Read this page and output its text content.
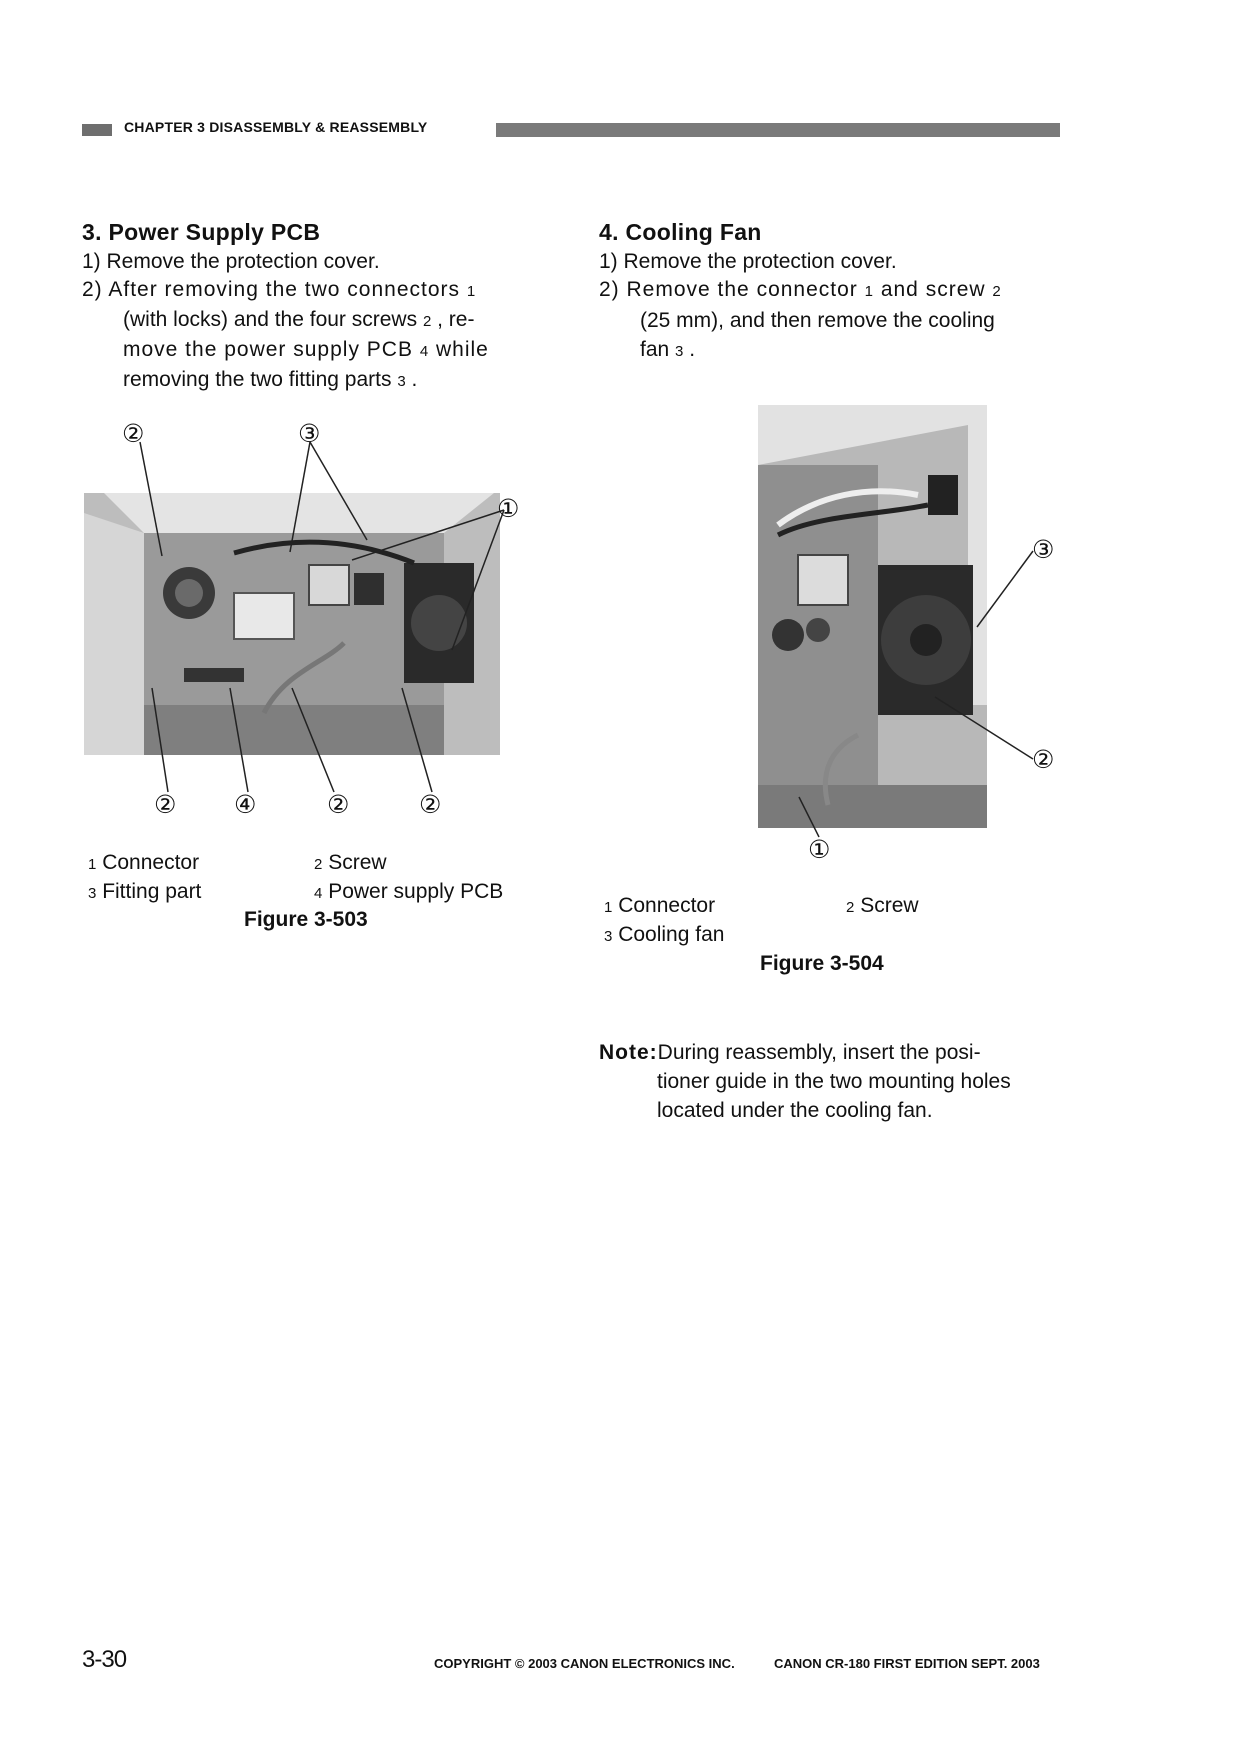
CHAPTER 3 DISASSEMBLY & REASSEMBLY
3. Power Supply PCB

1) Remove the protection cover.

2) After removing the two connectors 1

(with locks) and the four screws 2 , re-

move the power supply PCB 4 while

removing the two fitting parts 3 .

4. Cooling Fan

1) Remove the protection cover.

2) Remove the connector 1 and screw 2

(25 mm), and then remove the cooling

fan 3 .

②	③
①
② ④	②	②
1 Connector	2 Screw
3 Fitting part	4 Power supply PCB
Figure 3-503
③
②
①
1 Connector	2 Screw
3 Cooling fan
Figure 3-504
Note:During reassembly, insert the posi-
tioner guide in the two mounting holes
located under the cooling fan.
3-30	COPYRIGHT © 2003 CANON ELECTRONICS INC.	CANON CR-180 FIRST EDITION SEPT. 2003
